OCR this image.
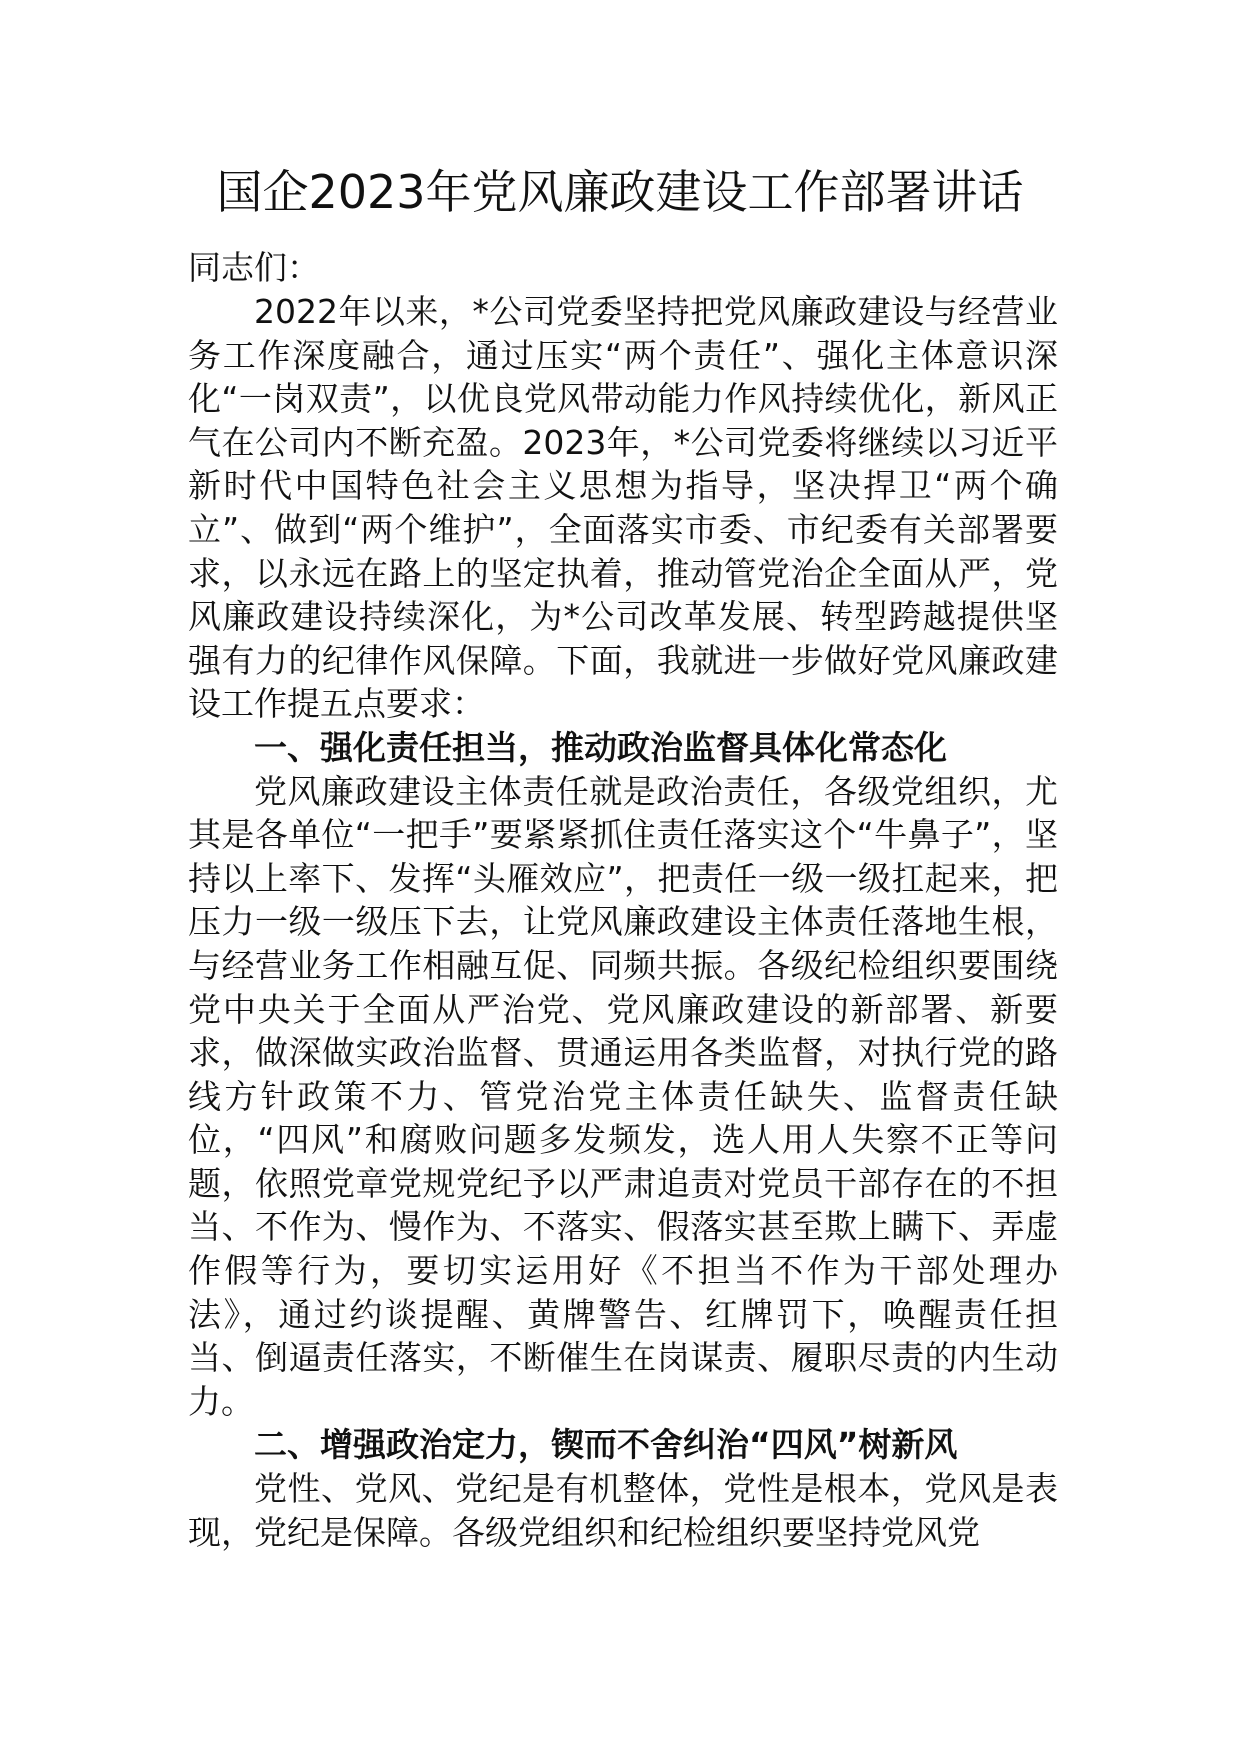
国企2023年党风廉政建设工作部署讲话
同志们：

2022年以来，*公司党委坚持把党风廉政建设与经营业务工作深度融合，通过压实“两个责任”、强化主体意识深化“一岗双责”，以优良党风带动能力作风持续优化，新风正气在公司内不断充盈。2023年，*公司党委将继续以习近平新时代中国特色社会主义思想为指导，坚决捍卫“两个确立”、做到“两个维护”，全面落实市委、市纪委有关部署要求，以永远在路上的坚定执着，推动管党治企全面从严，党风廉政建设持续深化，为*公司改革发展、转型跨越提供坚强有力的纪律作风保障。下面，我就进一步做好党风廉政建设工作提五点要求：

一、强化责任担当，推动政治监督具体化常态化

党风廉政建设主体责任就是政治责任，各级党组织，尤其是各单位“一把手”要紧紧抓住责任落实这个“牛鼻子”，坚持以上率下、发挥“头雁效应”，把责任一级一级扛起来，把压力一级一级压下去，让党风廉政建设主体责任落地生根，与经营业务工作相融互促、同频共振。各级纪检组织要围绕党中央关于全面从严治党、党风廉政建设的新部署、新要求，做深做实政治监督、贯通运用各类监督，对执行党的路线方针政策不力、管党治党主体责任缺失、监督责任缺位，“四风”和腐败问题多发频发，选人用人失察不正等问题，依照党章党规党纪予以严肃追责对党员干部存在的不担当、不作为、慢作为、不落实、假落实甚至欺上瞒下、弄虚作假等行为，要切实运用好《不担当不作为干部处理办法》，通过约谈提醒、黄牌警告、红牌罚下，唤醒责任担当、倒逼责任落实，不断催生在岗谋责、履职尽责的内生动力。

二、增强政治定力，锲而不舍纠治“四风”树新风

党性、党风、党纪是有机整体，党性是根本，党风是表现，党纪是保障。各级党组织和纪检组织要坚持党风党
